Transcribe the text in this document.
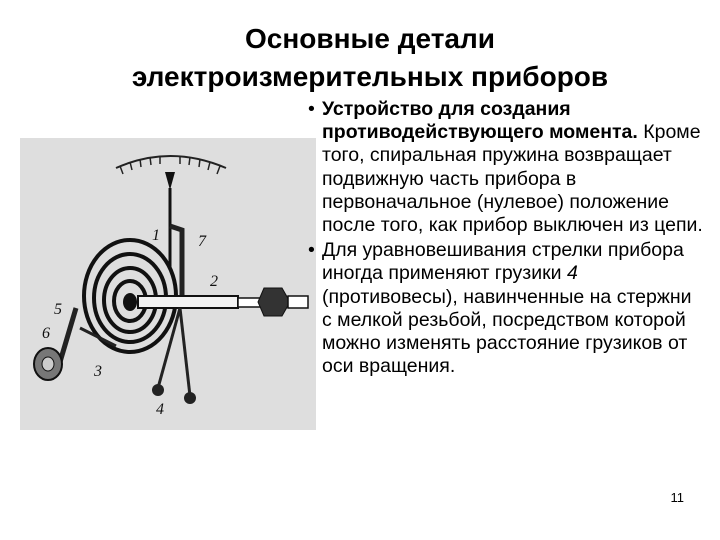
Основные детали
электроизмерительных приборов
1 7
2
5
6
3
4
• Устройство для создания противодействующего момента. Кроме того, спиральная пружина возвращает подвижную часть прибора в первоначальное (нулевое) положение после того, как прибор выключен из цепи.
• Для уравновешивания стрелки прибора иногда применяют грузики 4 (противовесы), навинченные на стержни с мелкой резьбой, посредством которой можно изменять расстояние грузиков от оси вращения.
11
